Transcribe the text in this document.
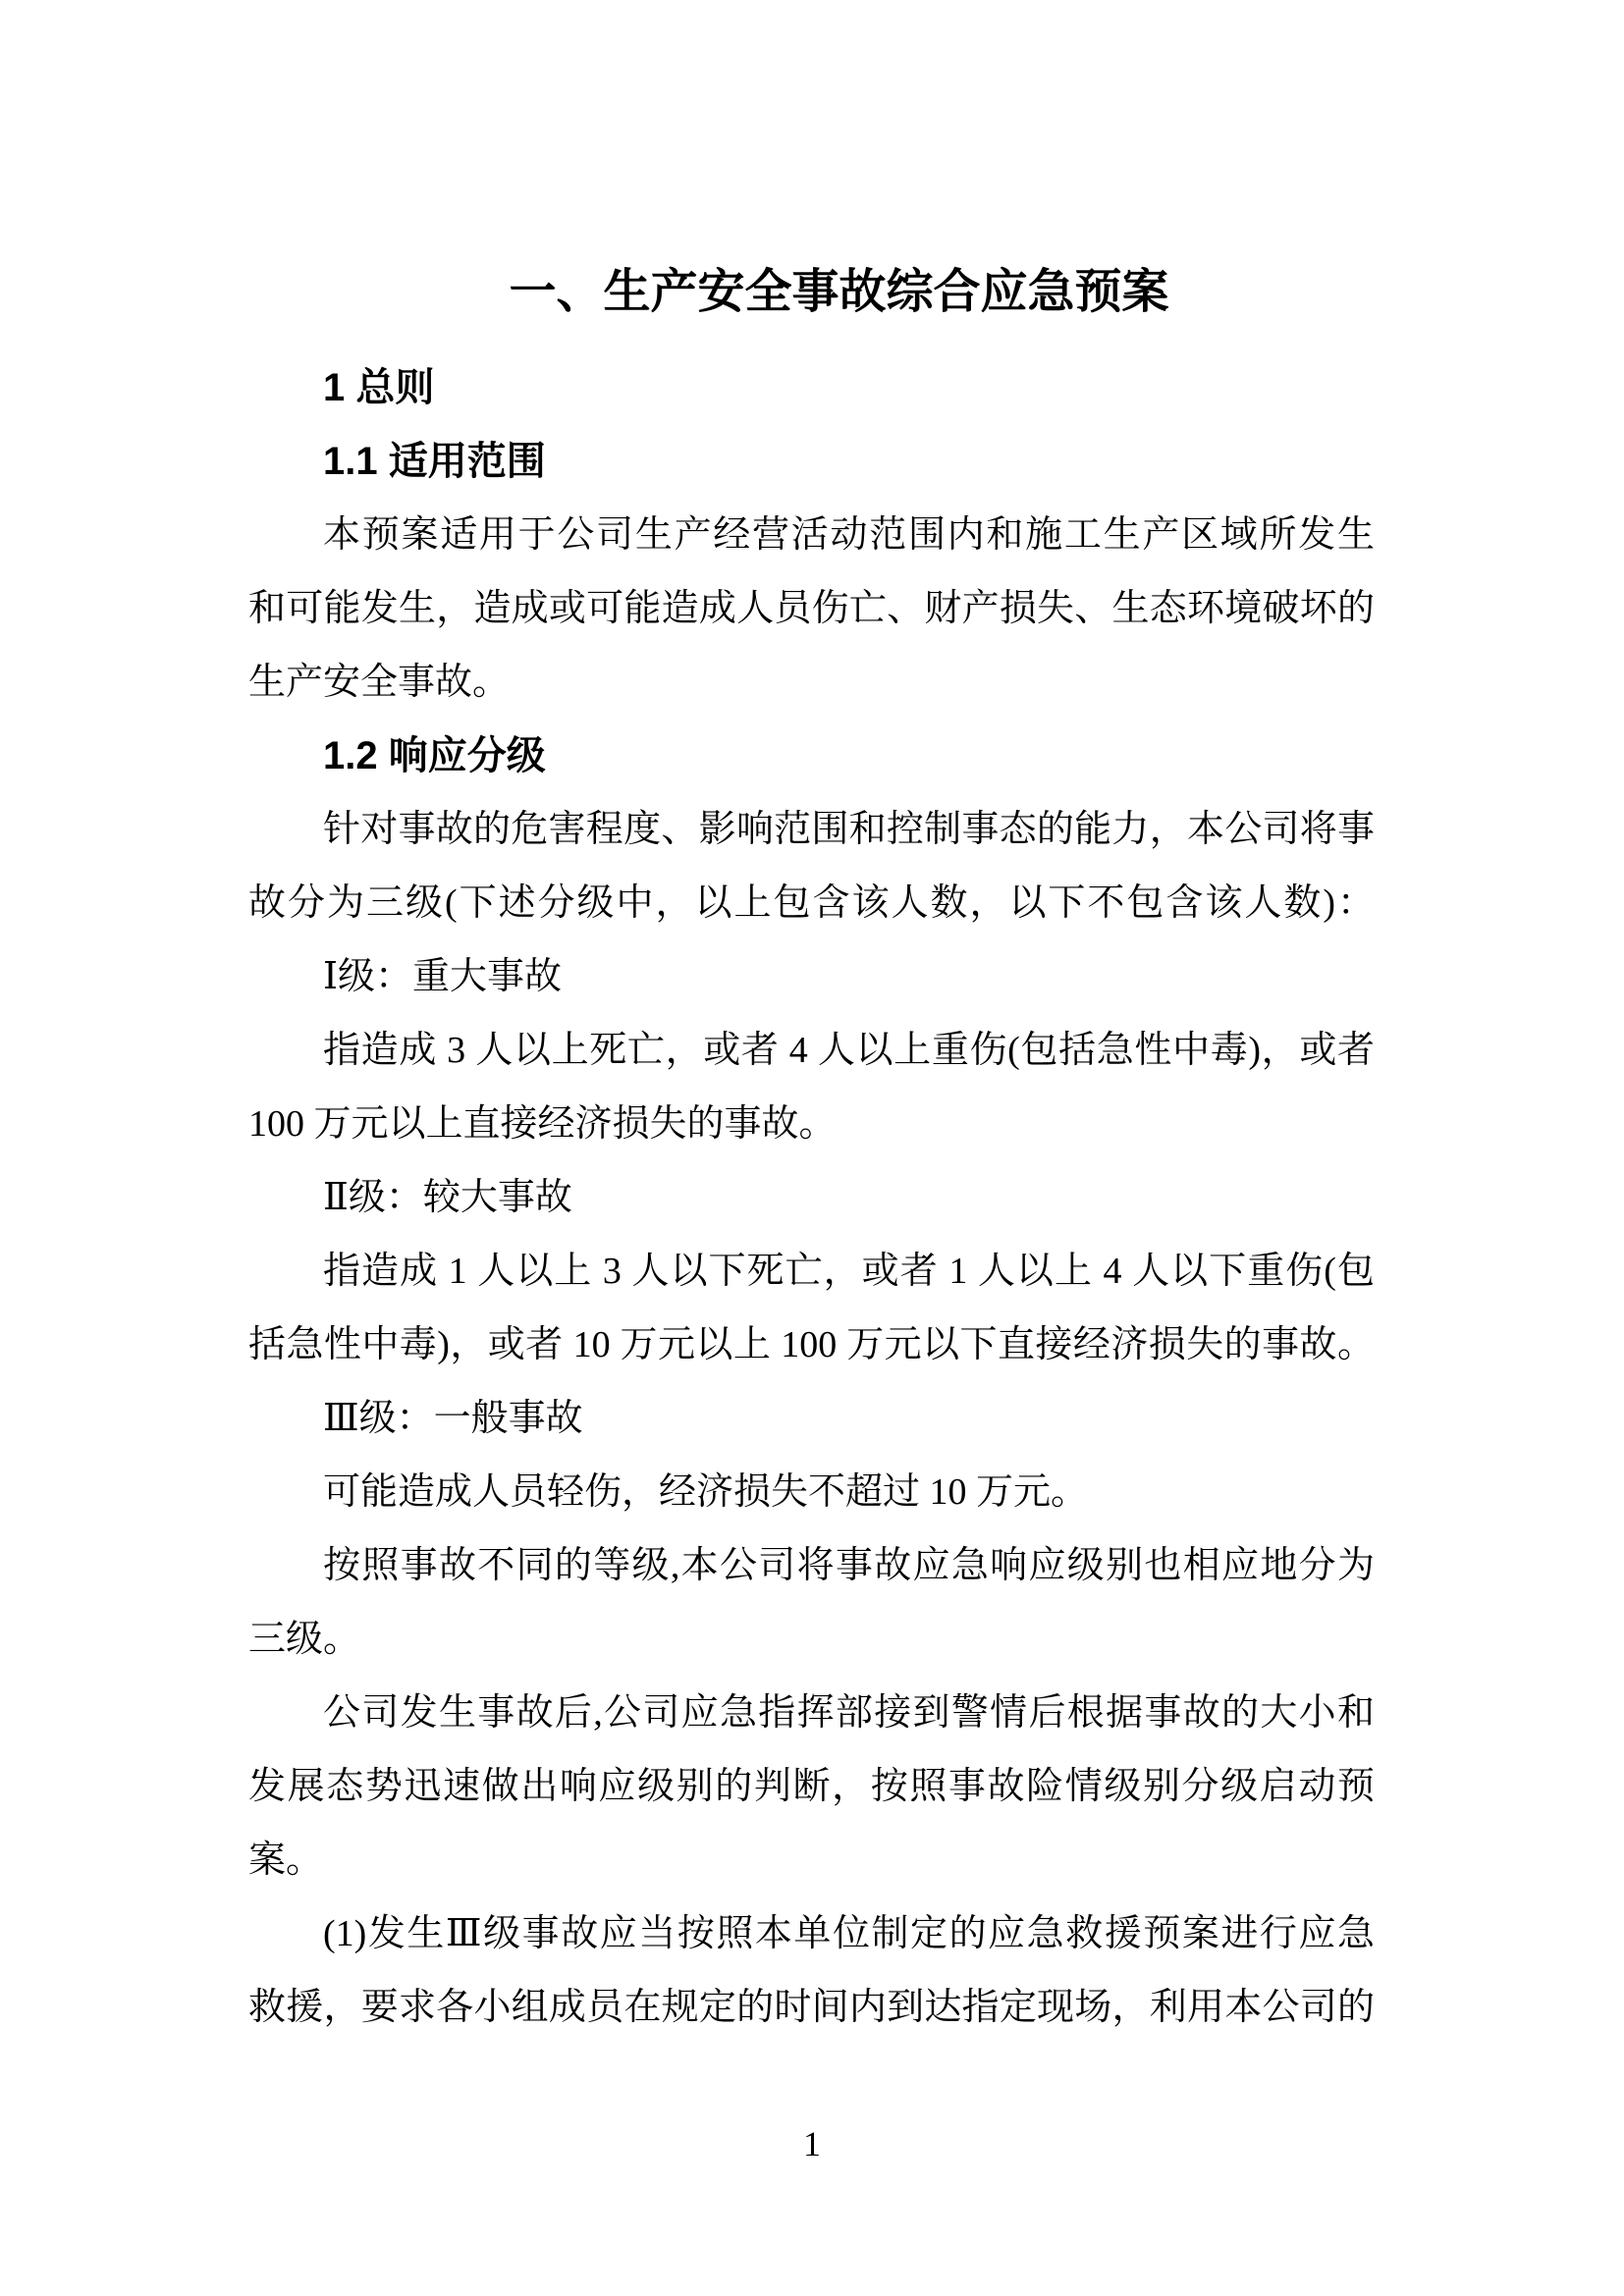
一、生产安全事故综合应急预案
1 总则
1.1 适用范围
本预案适用于公司生产经营活动范围内和施工生产区域所发生
和可能发生，造成或可能造成人员伤亡、财产损失、生态环境破坏的
生产安全事故。
1.2 响应分级
针对事故的危害程度、影响范围和控制事态的能力，本公司将事
故分为三级(下述分级中，以上包含该人数，以下不包含该人数)：
Ⅰ级：重大事故
指造成 3 人以上死亡，或者 4 人以上重伤(包括急性中毒)，或者
100 万元以上直接经济损失的事故。
Ⅱ级：较大事故
指造成 1 人以上 3 人以下死亡，或者 1 人以上 4 人以下重伤(包
括急性中毒)，或者 10 万元以上 100 万元以下直接经济损失的事故。
Ⅲ级：一般事故
可能造成人员轻伤，经济损失不超过 10 万元。
按照事故不同的等级,本公司将事故应急响应级别也相应地分为
三级。
公司发生事故后,公司应急指挥部接到警情后根据事故的大小和
发展态势迅速做出响应级别的判断，按照事故险情级别分级启动预
案。
(1)发生Ⅲ级事故应当按照本单位制定的应急救援预案进行应急
救援，要求各小组成员在规定的时间内到达指定现场，利用本公司的
1
